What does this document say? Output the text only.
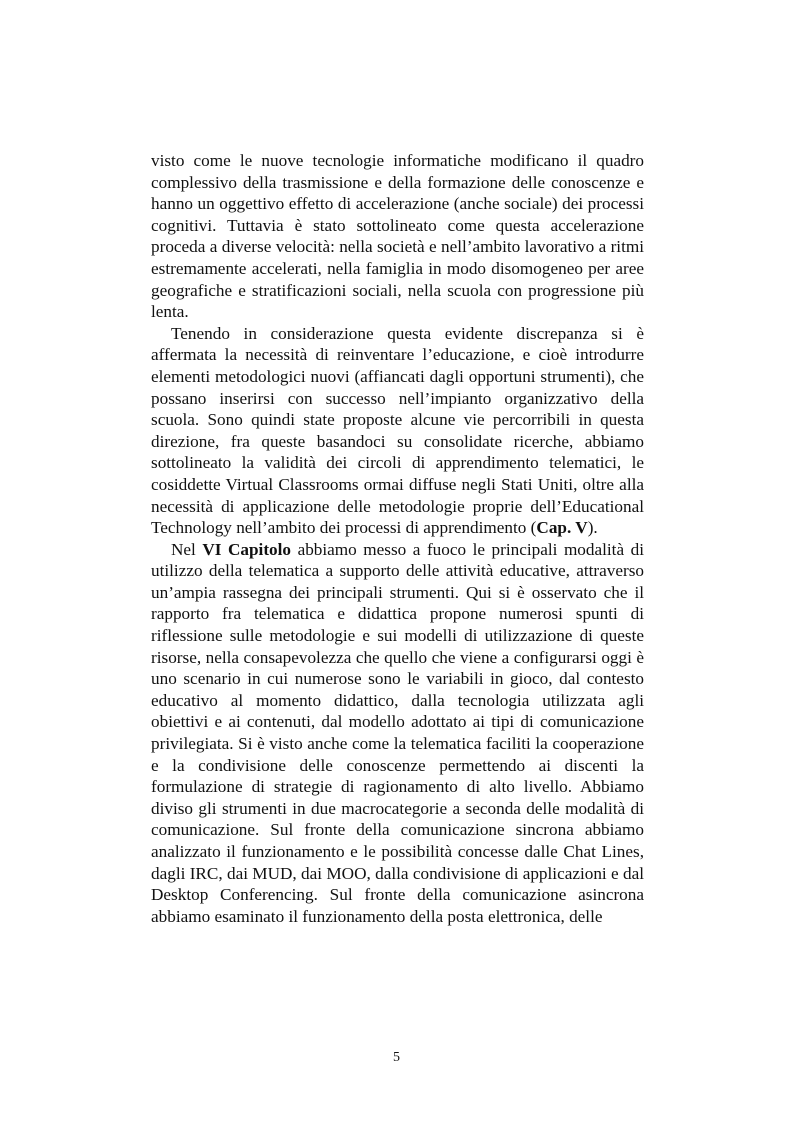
visto come le nuove tecnologie informatiche modificano il quadro complessivo della trasmissione e della formazione delle conoscenze e hanno un oggettivo effetto di accelerazione (anche sociale) dei processi cognitivi. Tuttavia è stato sottolineato come questa accelerazione proceda a diverse velocità: nella società e nell’ambito lavorativo a ritmi estremamente accelerati, nella famiglia in modo disomogeneo per aree geografiche e stratificazioni sociali, nella scuola con progressione più lenta.

Tenendo in considerazione questa evidente discrepanza si è affermata la necessità di reinventare l’educazione, e cioè introdurre elementi metodologici nuovi (affiancati dagli opportuni strumenti), che possano inserirsi con successo nell’impianto organizzativo della scuola. Sono quindi state proposte alcune vie percorribili in questa direzione, fra queste basandoci su consolidate ricerche, abbiamo sottolineato la validità dei circoli di apprendimento telematici, le cosiddette Virtual Classrooms ormai diffuse negli Stati Uniti, oltre alla necessità di applicazione delle metodologie proprie dell’Educational Technology nell’ambito dei processi di apprendimento (Cap. V).

Nel VI Capitolo abbiamo messo a fuoco le principali modalità di utilizzo della telematica a supporto delle attività educative, attraverso un’ampia rassegna dei principali strumenti. Qui si è osservato che il rapporto fra telematica e didattica propone numerosi spunti di riflessione sulle metodologie e sui modelli di utilizzazione di queste risorse, nella consapevolezza che quello che viene a configurarsi oggi è uno scenario in cui numerose sono le variabili in gioco, dal contesto educativo al momento didattico, dalla tecnologia utilizzata agli obiettivi e ai contenuti, dal modello adottato ai tipi di comunicazione privilegiata. Si è visto anche come la telematica faciliti la cooperazione e la condivisione delle conoscenze permettendo ai discenti la formulazione di strategie di ragionamento di alto livello. Abbiamo diviso gli strumenti in due macrocategorie a seconda delle modalità di comunicazione. Sul fronte della comunicazione sincrona abbiamo analizzato il funzionamento e le possibilità concesse dalle Chat Lines, dagli IRC, dai MUD, dai MOO, dalla condivisione di applicazioni e dal Desktop Conferencing. Sul fronte della comunicazione asincrona abbiamo esaminato il funzionamento della posta elettronica, delle

5
